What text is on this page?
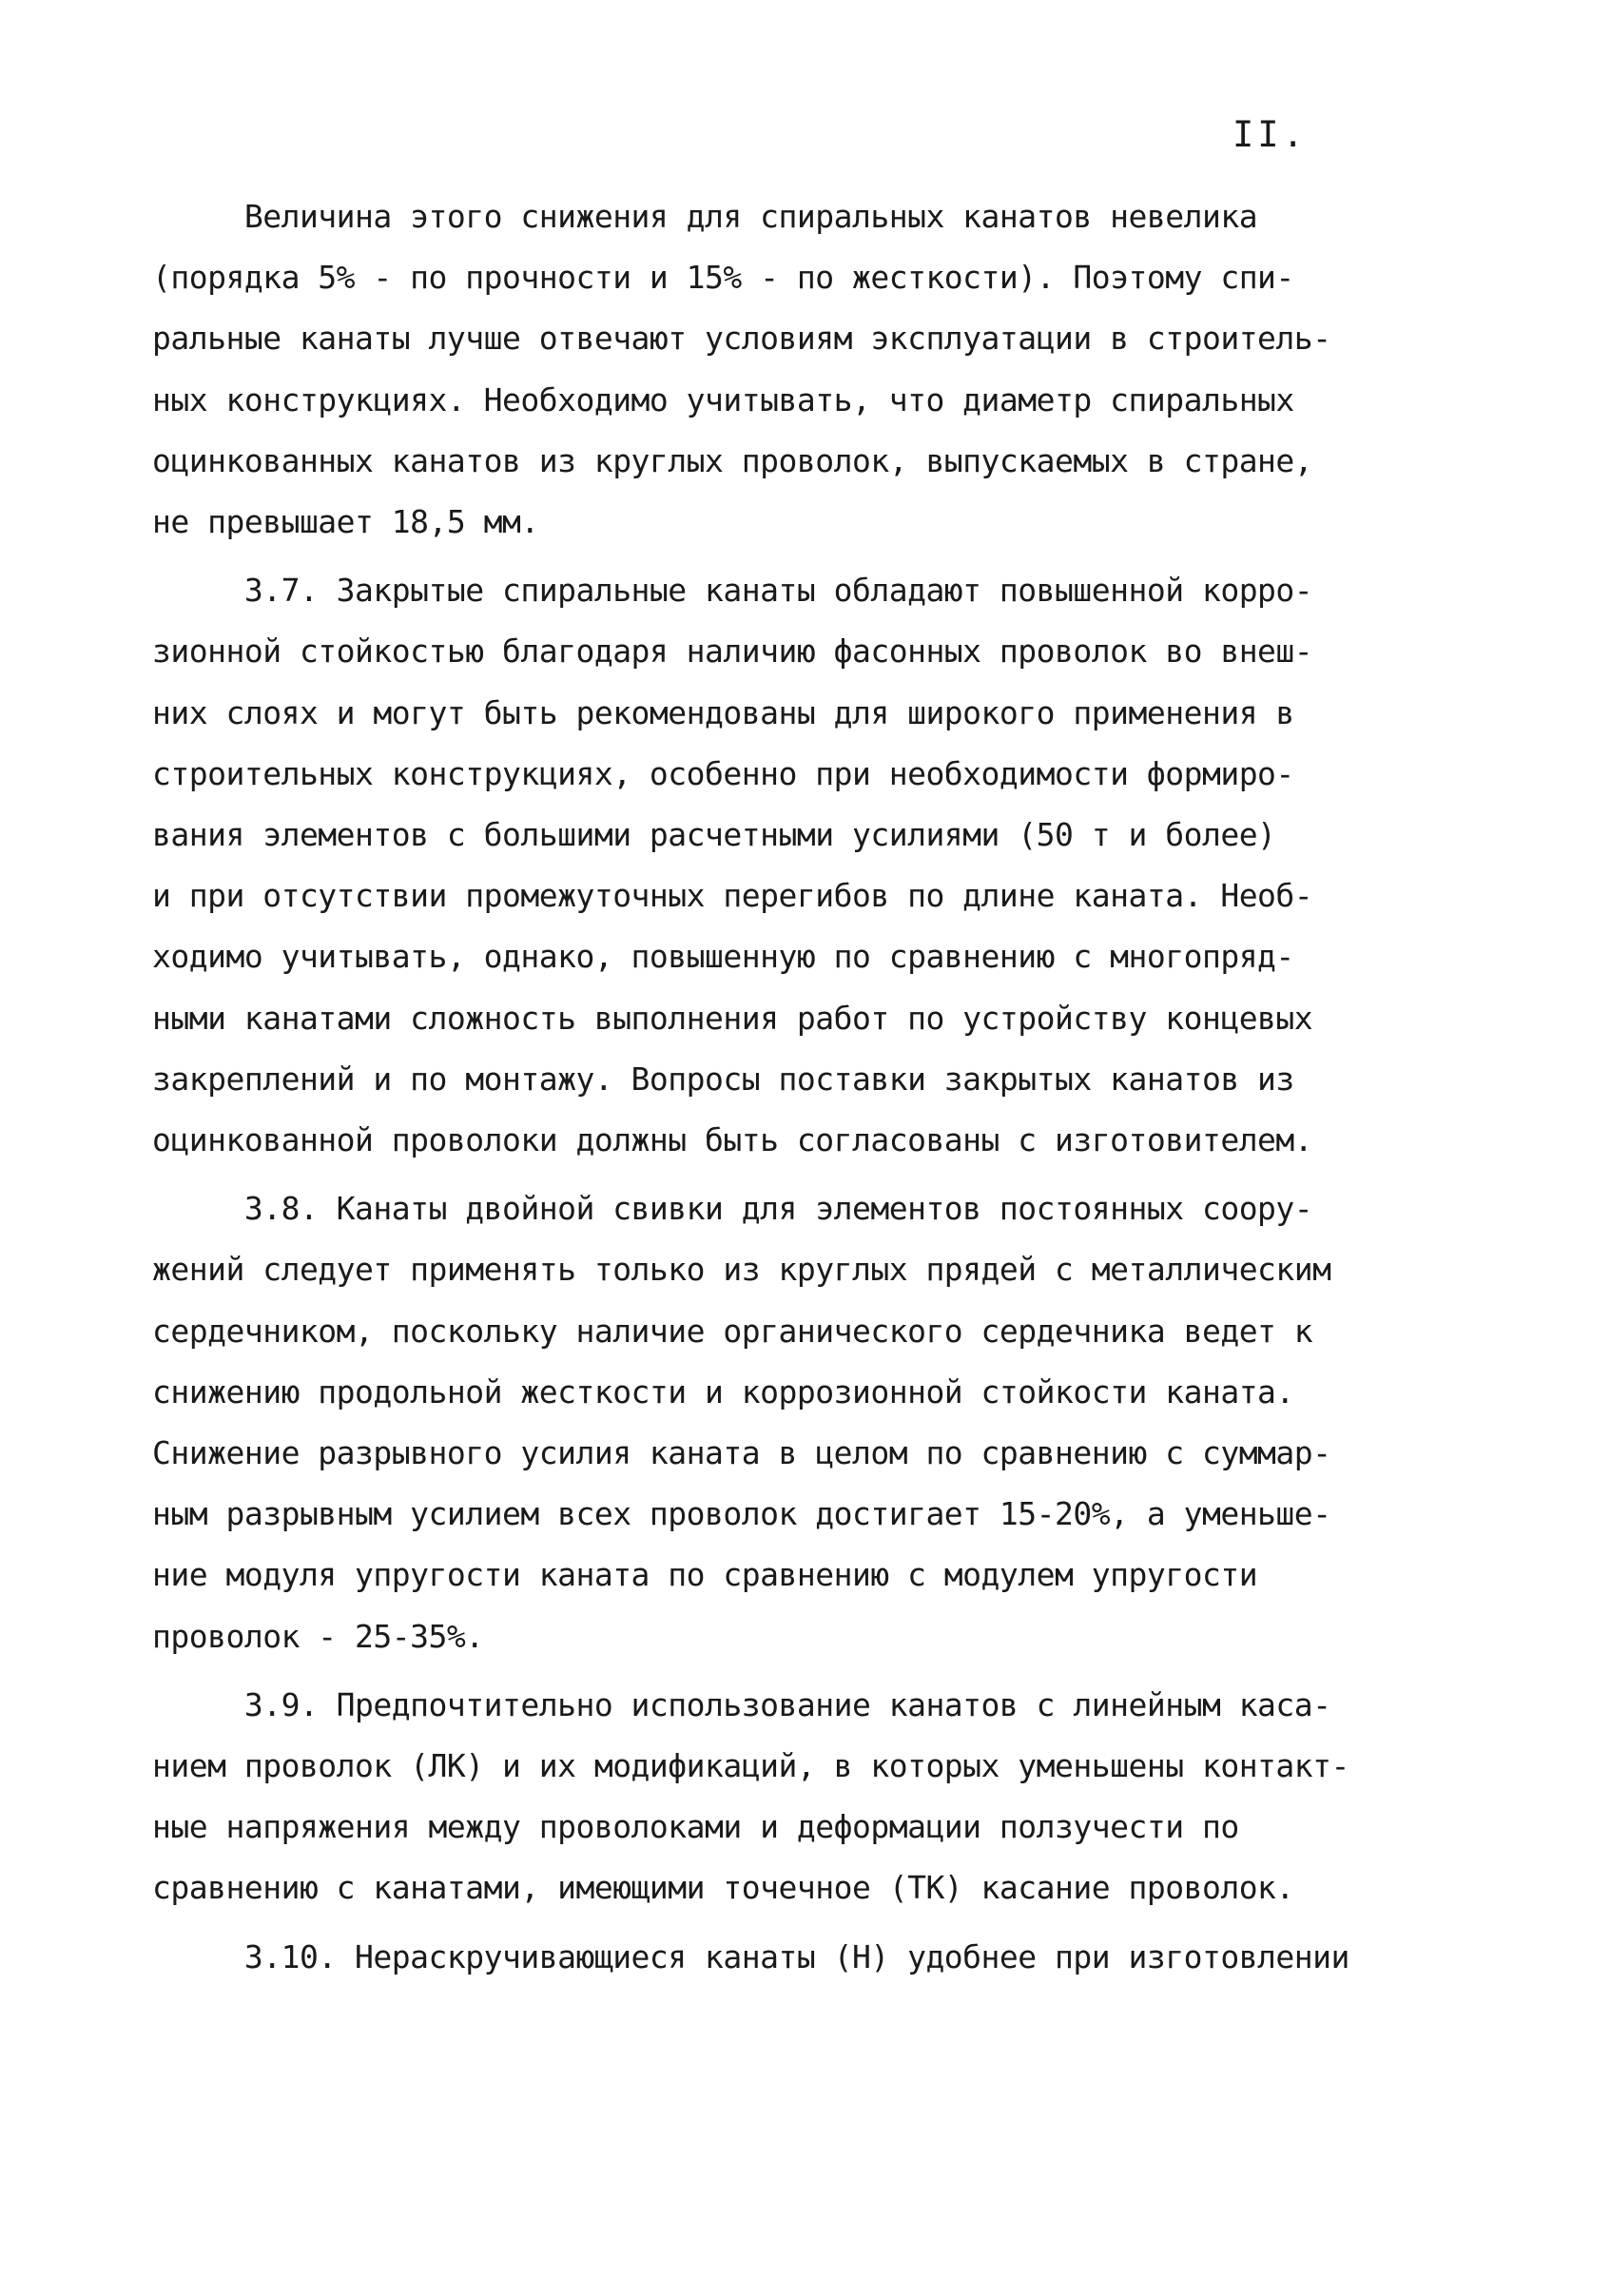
II.
Величина этого снижения для спиральных канатов невелика
(порядка 5% - по прочности и 15% - по жесткости). Поэтому спи-
ральные канаты лучше отвечают условиям эксплуатации в строитель-
ных конструкциях. Необходимо учитывать, что диаметр спиральных
оцинкованных канатов из круглых проволок, выпускаемых в стране,
не превышает 18,5 мм.
3.7. Закрытые спиральные канаты обладают повышенной корро-
зионной стойкостью благодаря наличию фасонных проволок во внеш-
них слоях и могут быть рекомендованы для широкого применения в
строительных конструкциях, особенно при необходимости формиро-
вания элементов с большими расчетными усилиями (50 т и более)
и при отсутствии промежуточных перегибов по длине каната. Необ-
ходимо учитывать, однако, повышенную по сравнению с многопряд-
ными канатами сложность выполнения работ по устройству концевых
закреплений и по монтажу. Вопросы поставки закрытых канатов из
оцинкованной проволоки должны быть согласованы с изготовителем.
3.8. Канаты двойной свивки для элементов постоянных соору-
жений следует применять только из круглых прядей с металлическим
сердечником, поскольку наличие органического сердечника ведет к
снижению продольной жесткости и коррозионной стойкости каната.
Снижение разрывного усилия каната в целом по сравнению с суммар-
ным разрывным усилием всех проволок достигает 15-20%, а уменьше-
ние модуля упругости каната по сравнению с модулем упругости
проволок - 25-35%.
3.9. Предпочтительно использование канатов с линейным каса-
нием проволок (ЛК) и их модификаций, в которых уменьшены контакт-
ные напряжения между проволоками и деформации ползучести по
сравнению с канатами, имеющими точечное (ТК) касание проволок.
3.10. Нераскручивающиеся канаты (Н) удобнее при изготовлении
